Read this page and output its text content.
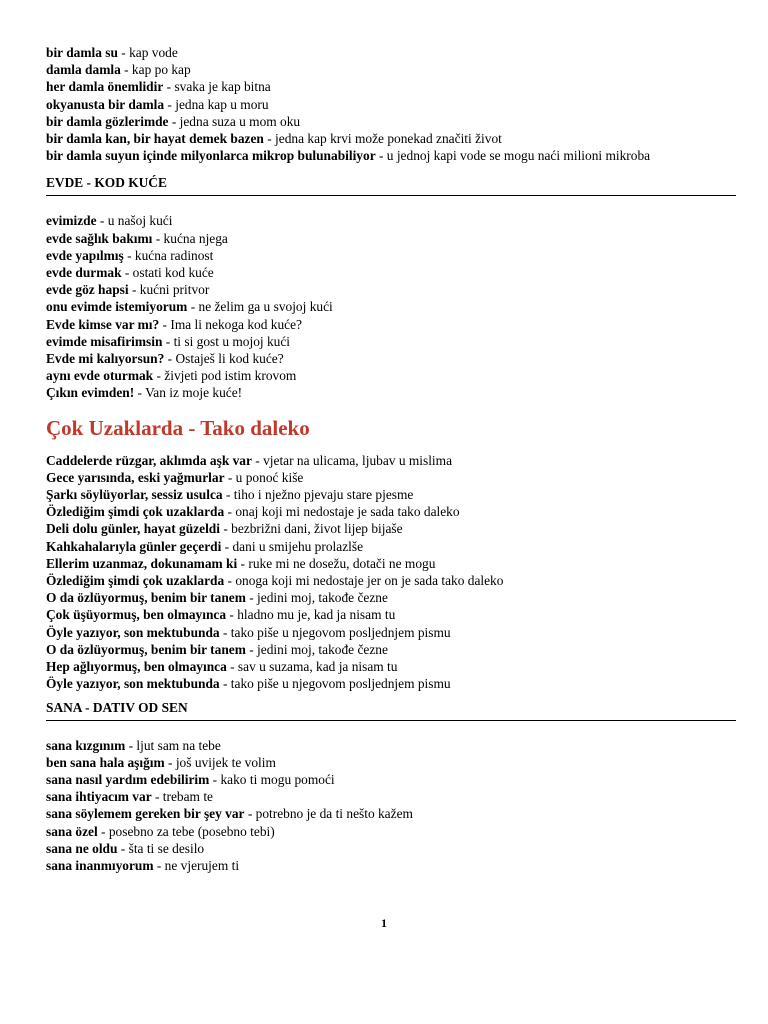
bir damla su - kap vode

damla damla - kap po kap

her damla önemlidir - svaka je kap bitna

okyanusta bir damla - jedna kap u moru

bir damla gözlerimde - jedna suza u mom oku

bir damla kan, bir hayat demek bazen - jedna kap krvi može ponekad značiti život

bir damla suyun içinde milyonlarca mikrop bulunabiliyor - u jednoj kapi vode se mogu naći milioni mikroba

EVDE - KOD KUĆE

evimizde - u našoj kući

evde sağlık bakımı - kućna njega

evde yapılmış - kućna radinost

evde durmak - ostati kod kuće

evde göz hapsi - kućni pritvor

onu evimde istemiyorum - ne želim ga u svojoj kući

Evde kimse var mı? - Ima li nekoga kod kuće?

evimde misafirimsin - ti si gost u mojoj kući

Evde mi kalıyorsun? - Ostaješ li kod kuće?

aynı evde oturmak - živjeti pod istim krovom

Çıkın evimden! - Van iz moje kuće!

Çok Uzaklarda - Tako daleko

Caddelerde rüzgar, aklımda aşk var - vjetar na ulicama, ljubav u mislima

Gece yarısında, eski yağmurlar - u ponoć kiše

Şarkı söylüyorlar, sessiz usulca - tiho i nježno pjevaju stare pjesme

Özlediğim şimdi çok uzaklarda - onaj koji mi nedostaje je sada tako daleko

Deli dolu günler, hayat güzeldi - bezbrižni dani, život lijep bijaše

Kahkahalarıyla günler geçerdi - dani u smijehu prolazlše

Ellerim uzanmaz, dokunamam ki - ruke mi ne dosežu, dotači ne mogu

Özlediğim şimdi çok uzaklarda - onoga koji mi nedostaje jer on je sada tako daleko

O da özlüyormuş, benim bir tanem - jedini moj, takođe čezne

Çok üşüyormuş, ben olmayınca - hladno mu je, kad ja nisam tu

Öyle yazıyor, son mektubunda - tako piše u njegovom posljednjem pismu

O da özlüyormuş, benim bir tanem - jedini moj, takođe čezne

Hep ağlıyormuş, ben olmayınca - sav u suzama, kad ja nisam tu

Öyle yazıyor, son mektubunda - tako piše u njegovom posljednjem pismu

SANA - DATIV OD SEN

sana kızgınım - ljut sam na tebe

ben sana hala aşığım - još uvijek te volim

sana nasıl yardım edebilirim - kako ti mogu pomoći

sana ihtiyacım var - trebam te

sana söylemem gereken bir şey var - potrebno je da ti nešto kažem

sana özel - posebno za tebe (posebno tebi)

sana ne oldu - šta ti se desilo

sana inanmıyorum - ne vjerujem ti

1
